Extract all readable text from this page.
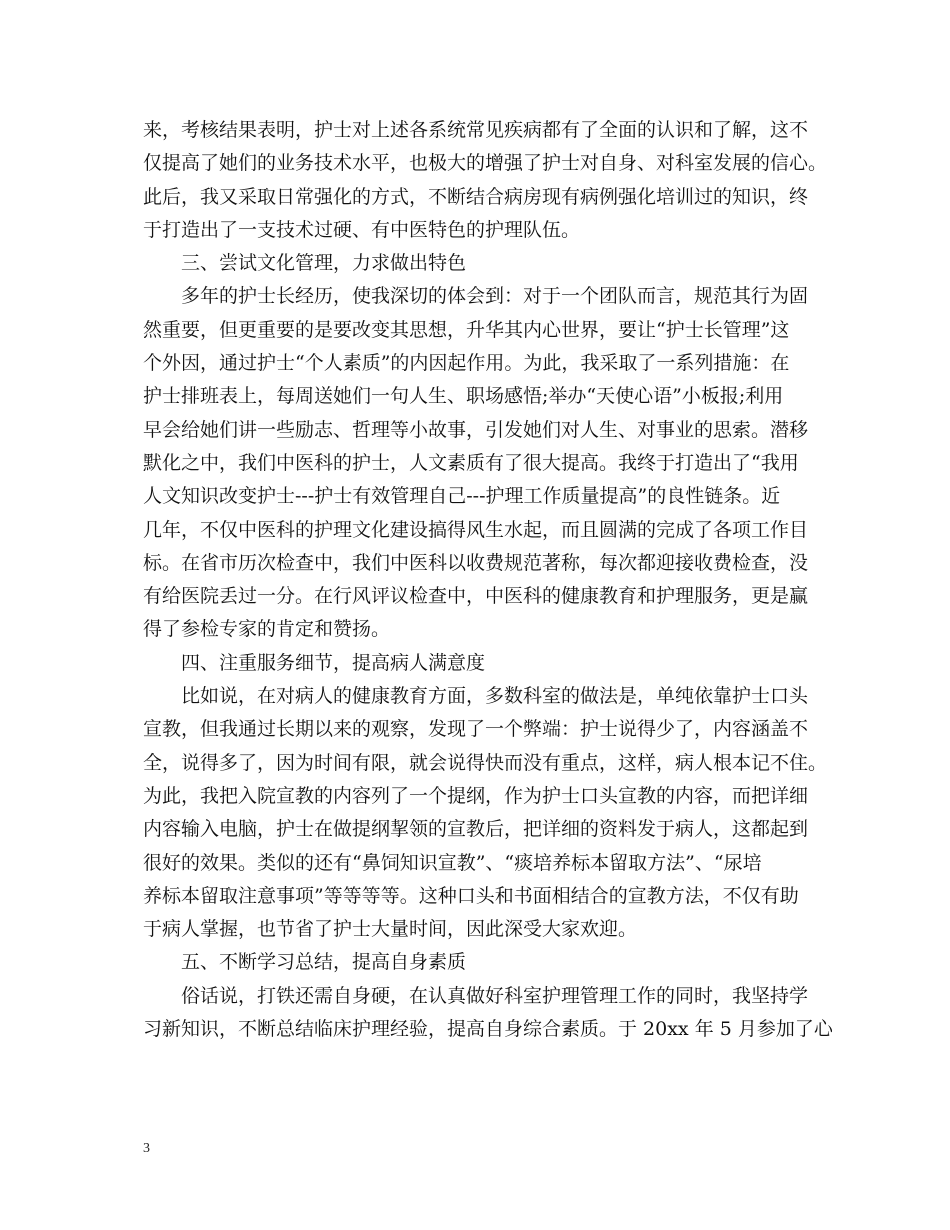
来，考核结果表明，护士对上述各系统常见疾病都有了全面的认识和了解，这不
仅提高了她们的业务技术水平，也极大的增强了护士对自身、对科室发展的信心。
此后，我又采取日常强化的方式，不断结合病房现有病例强化培训过的知识，终
于打造出了一支技术过硬、有中医特色的护理队伍。
　　三、尝试文化管理，力求做出特色
　　多年的护士长经历，使我深切的体会到：对于一个团队而言，规范其行为固
然重要，但更重要的是要改变其思想，升华其内心世界，要让“护士长管理”这
个外因，通过护士“个人素质”的内因起作用。为此，我采取了一系列措施：在
护士排班表上，每周送她们一句人生、职场感悟;举办“天使心语”小板报;利用
早会给她们讲一些励志、哲理等小故事，引发她们对人生、对事业的思索。潜移
默化之中，我们中医科的护士，人文素质有了很大提高。我终于打造出了“我用
人文知识改变护士---护士有效管理自己---护理工作质量提高”的良性链条。近
几年，不仅中医科的护理文化建设搞得风生水起，而且圆满的完成了各项工作目
标。在省市历次检查中，我们中医科以收费规范著称，每次都迎接收费检查，没
有给医院丢过一分。在行风评议检查中，中医科的健康教育和护理服务，更是赢
得了参检专家的肯定和赞扬。
　　四、注重服务细节，提高病人满意度
　　比如说，在对病人的健康教育方面，多数科室的做法是，单纯依靠护士口头
宣教，但我通过长期以来的观察，发现了一个弊端：护士说得少了，内容涵盖不
全，说得多了，因为时间有限，就会说得快而没有重点，这样，病人根本记不住。
为此，我把入院宣教的内容列了一个提纲，作为护士口头宣教的内容，而把详细
内容输入电脑，护士在做提纲挈领的宣教后，把详细的资料发于病人，这都起到
很好的效果。类似的还有“鼻饲知识宣教”、“痰培养标本留取方法”、“尿培
养标本留取注意事项”等等等等。这种口头和书面相结合的宣教方法，不仅有助
于病人掌握，也节省了护士大量时间，因此深受大家欢迎。
　　五、不断学习总结，提高自身素质
　　俗话说，打铁还需自身硬，在认真做好科室护理管理工作的同时，我坚持学
习新知识，不断总结临床护理经验，提高自身综合素质。于 20xx 年 5 月参加了心
3
